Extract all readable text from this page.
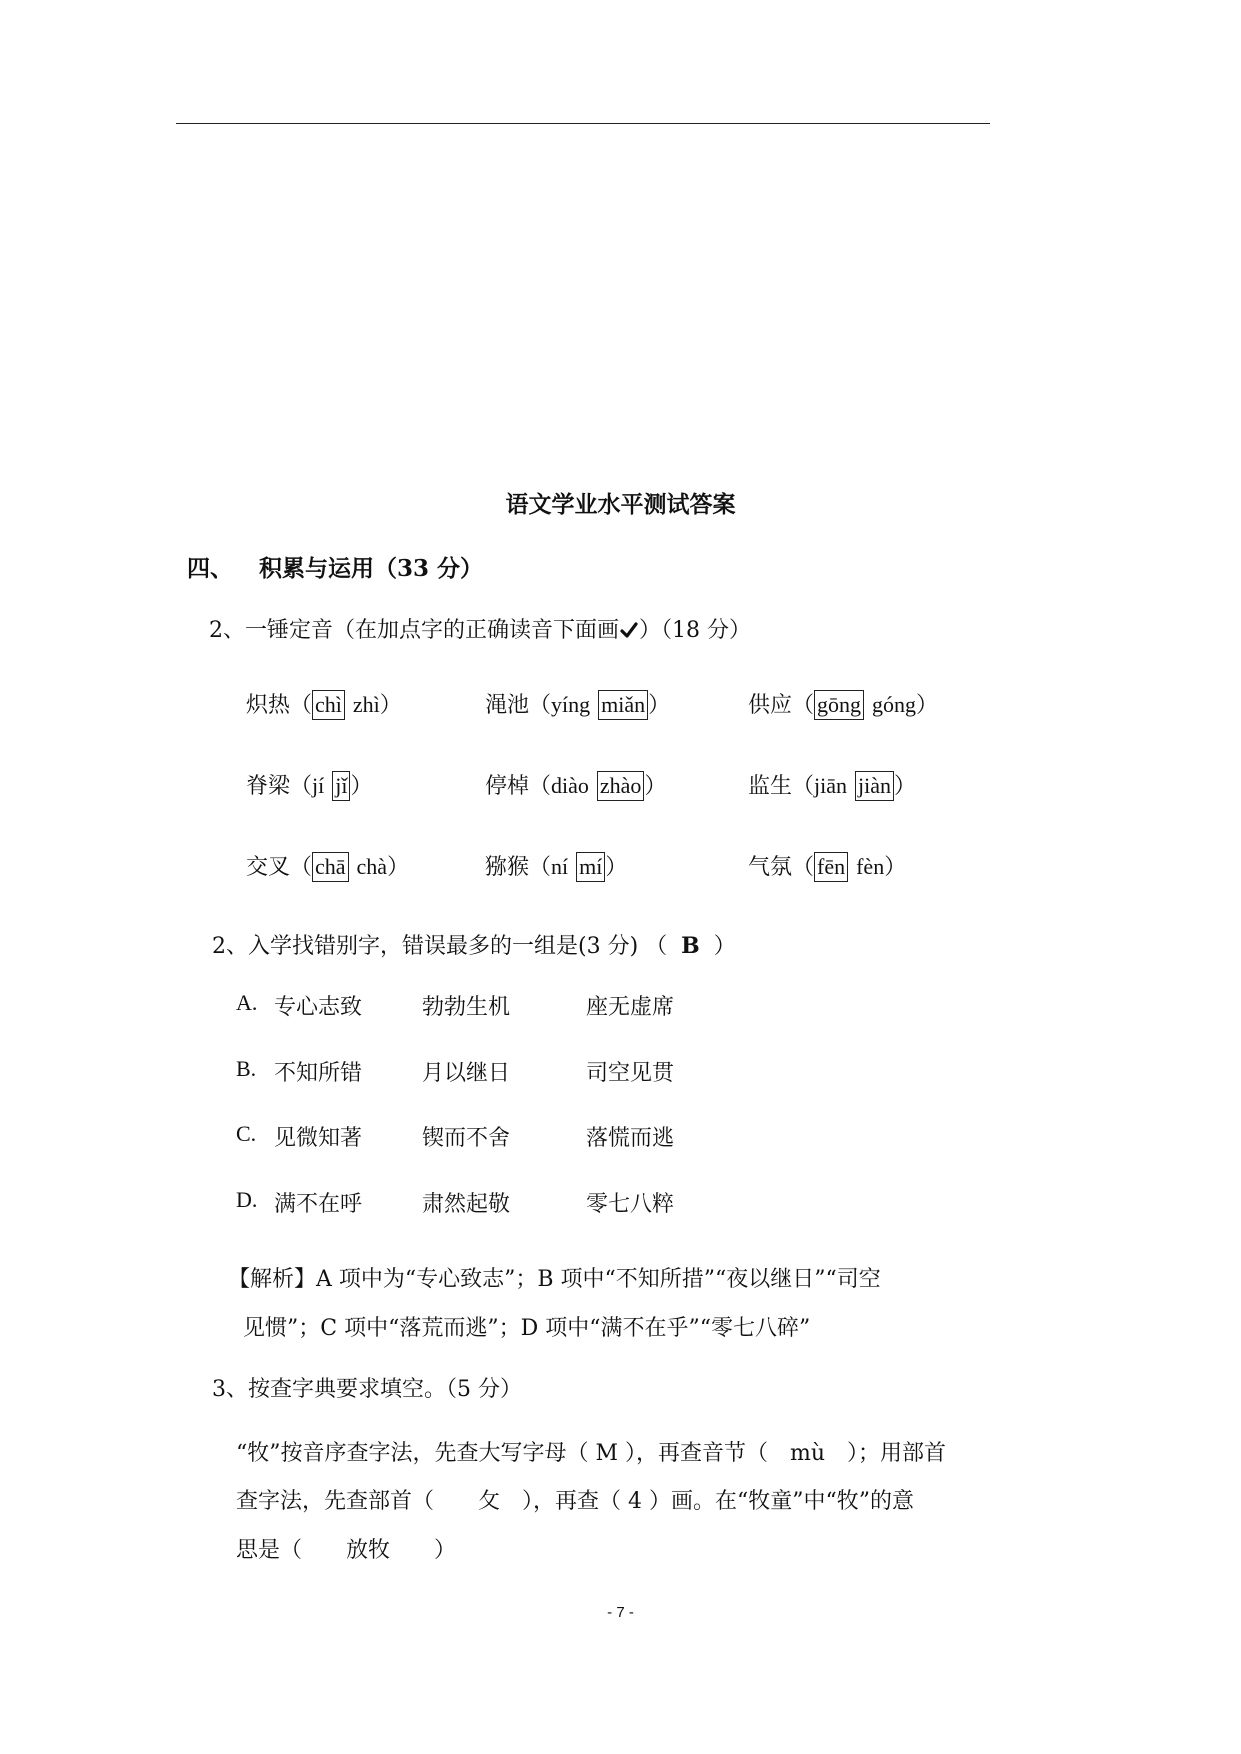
语文学业水平测试答案
四、 积累与运用（33 分）
2、一锤定音（在加点字的正确读音下面画 ）（18 分）
炽热（ chì zhì）	渑池（yíng miǎn ）	供应（ gōng góng）
脊梁（jí jǐ ）	停棹（diào zhào ）	监生（jiān jiàn ）
交叉（ chā chà）	猕猴（ní mí ）	气氛（ fēn fèn）
2、入学找错别字，错误最多的一组是(3 分) （ B ）
A. 专心志致	勃勃生机	座无虚席
B. 不知所错	月以继日	司空见贯
C. 见微知著	锲而不舍	落慌而逃
D. 满不在呼	肃然起敬	零七八粹
【解析】A 项中为“专心致志”；B 项中“不知所措”“夜以继日”“司空
见惯”；C 项中“落荒而逃”；D 项中“满不在乎”“零七八碎”
3、按查字典要求填空。（5 分）
“牧”按音序查字法，先查大写字母（ M ），再查音节（　mù　）；用部首
查字法，先查部首（　　攵　），再查（ 4 ）画。在“牧童”中“牧”的意
思是（　　放牧　　）
- 7 -
